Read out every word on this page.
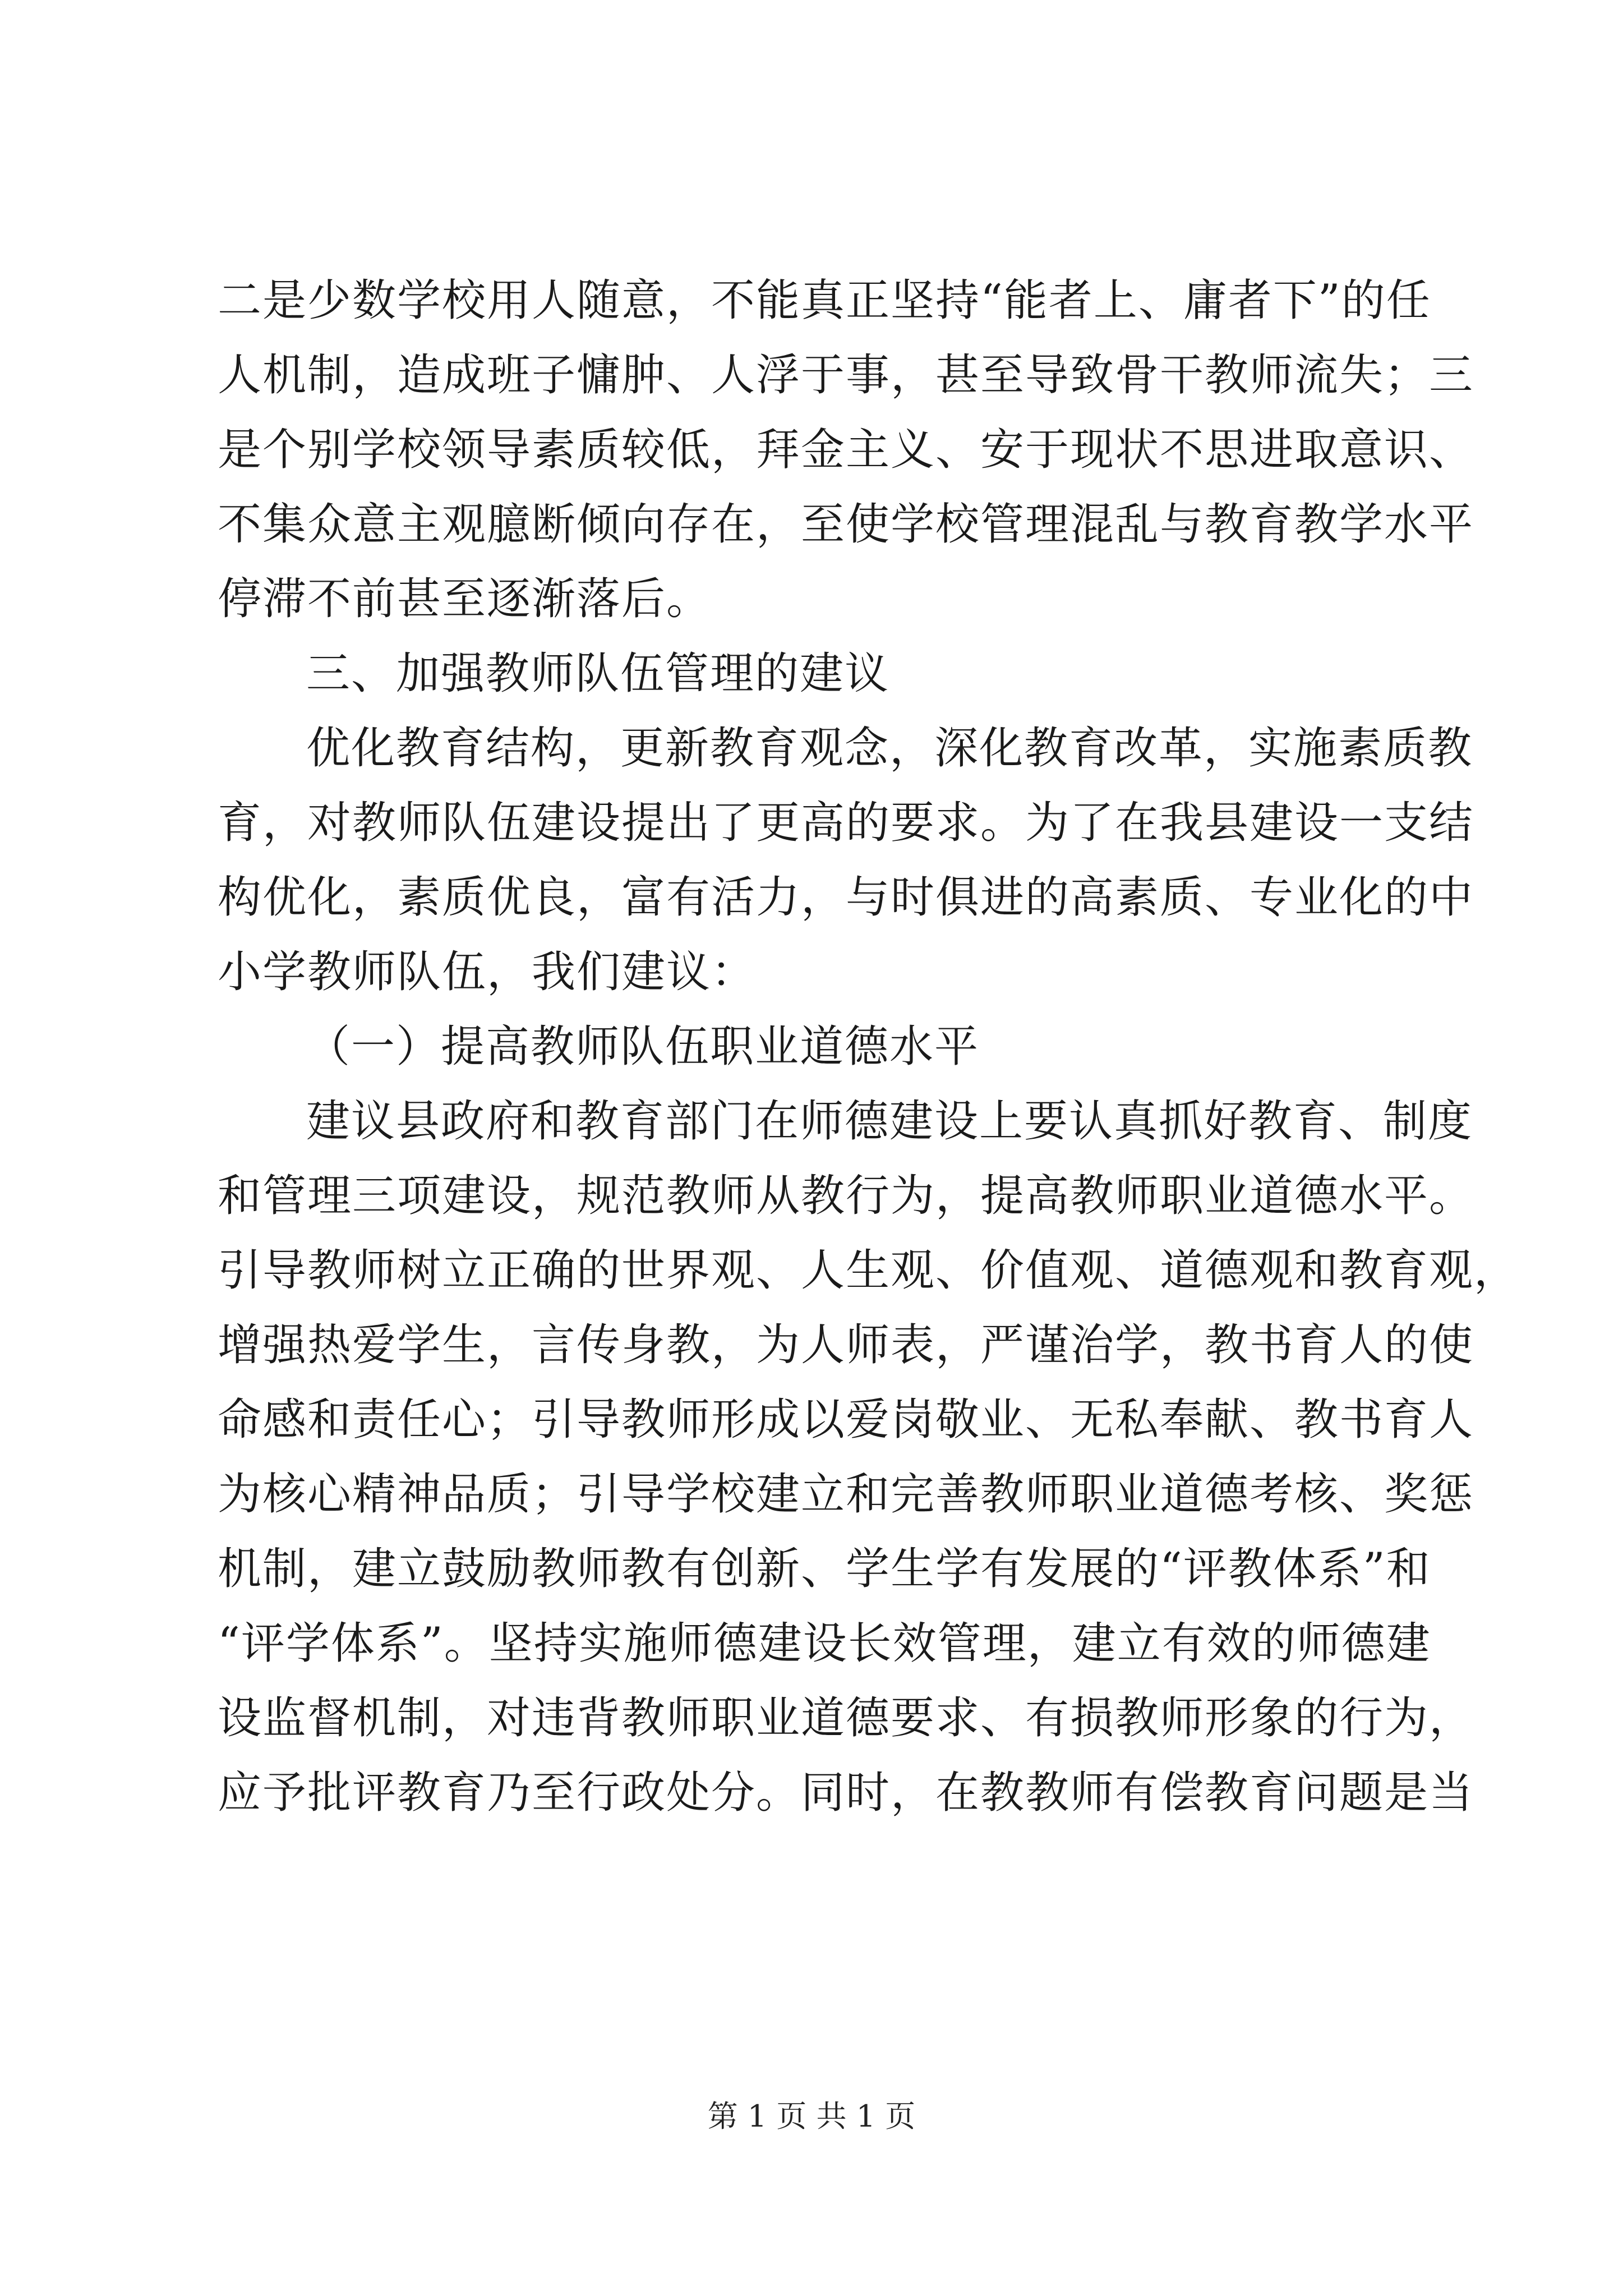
二是少数学校用人随意，不能真正坚持“能者上、庸者下”的任
人机制，造成班子慵肿、人浮于事，甚至导致骨干教师流失；三
是个别学校领导素质较低，拜金主义、安于现状不思进取意识、
不集众意主观臆断倾向存在，至使学校管理混乱与教育教学水平
停滞不前甚至逐渐落后。
三、加强教师队伍管理的建议
优化教育结构，更新教育观念，深化教育改革，实施素质教
育，对教师队伍建设提出了更高的要求。为了在我县建设一支结
构优化，素质优良，富有活力，与时俱进的高素质、专业化的中
小学教师队伍，我们建议：
（一）提高教师队伍职业道德水平
建议县政府和教育部门在师德建设上要认真抓好教育、制度
和管理三项建设，规范教师从教行为，提高教师职业道德水平。
引导教师树立正确的世界观、人生观、价值观、道德观和教育观，
增强热爱学生，言传身教，为人师表，严谨治学，教书育人的使
命感和责任心；引导教师形成以爱岗敬业、无私奉献、教书育人
为核心精神品质；引导学校建立和完善教师职业道德考核、奖惩
机制，建立鼓励教师教有创新、学生学有发展的“评教体系”和
“评学体系”。坚持实施师德建设长效管理，建立有效的师德建
设监督机制，对违背教师职业道德要求、有损教师形象的行为，
应予批评教育乃至行政处分。同时，在教教师有偿教育问题是当
第 1 页 共 1 页
